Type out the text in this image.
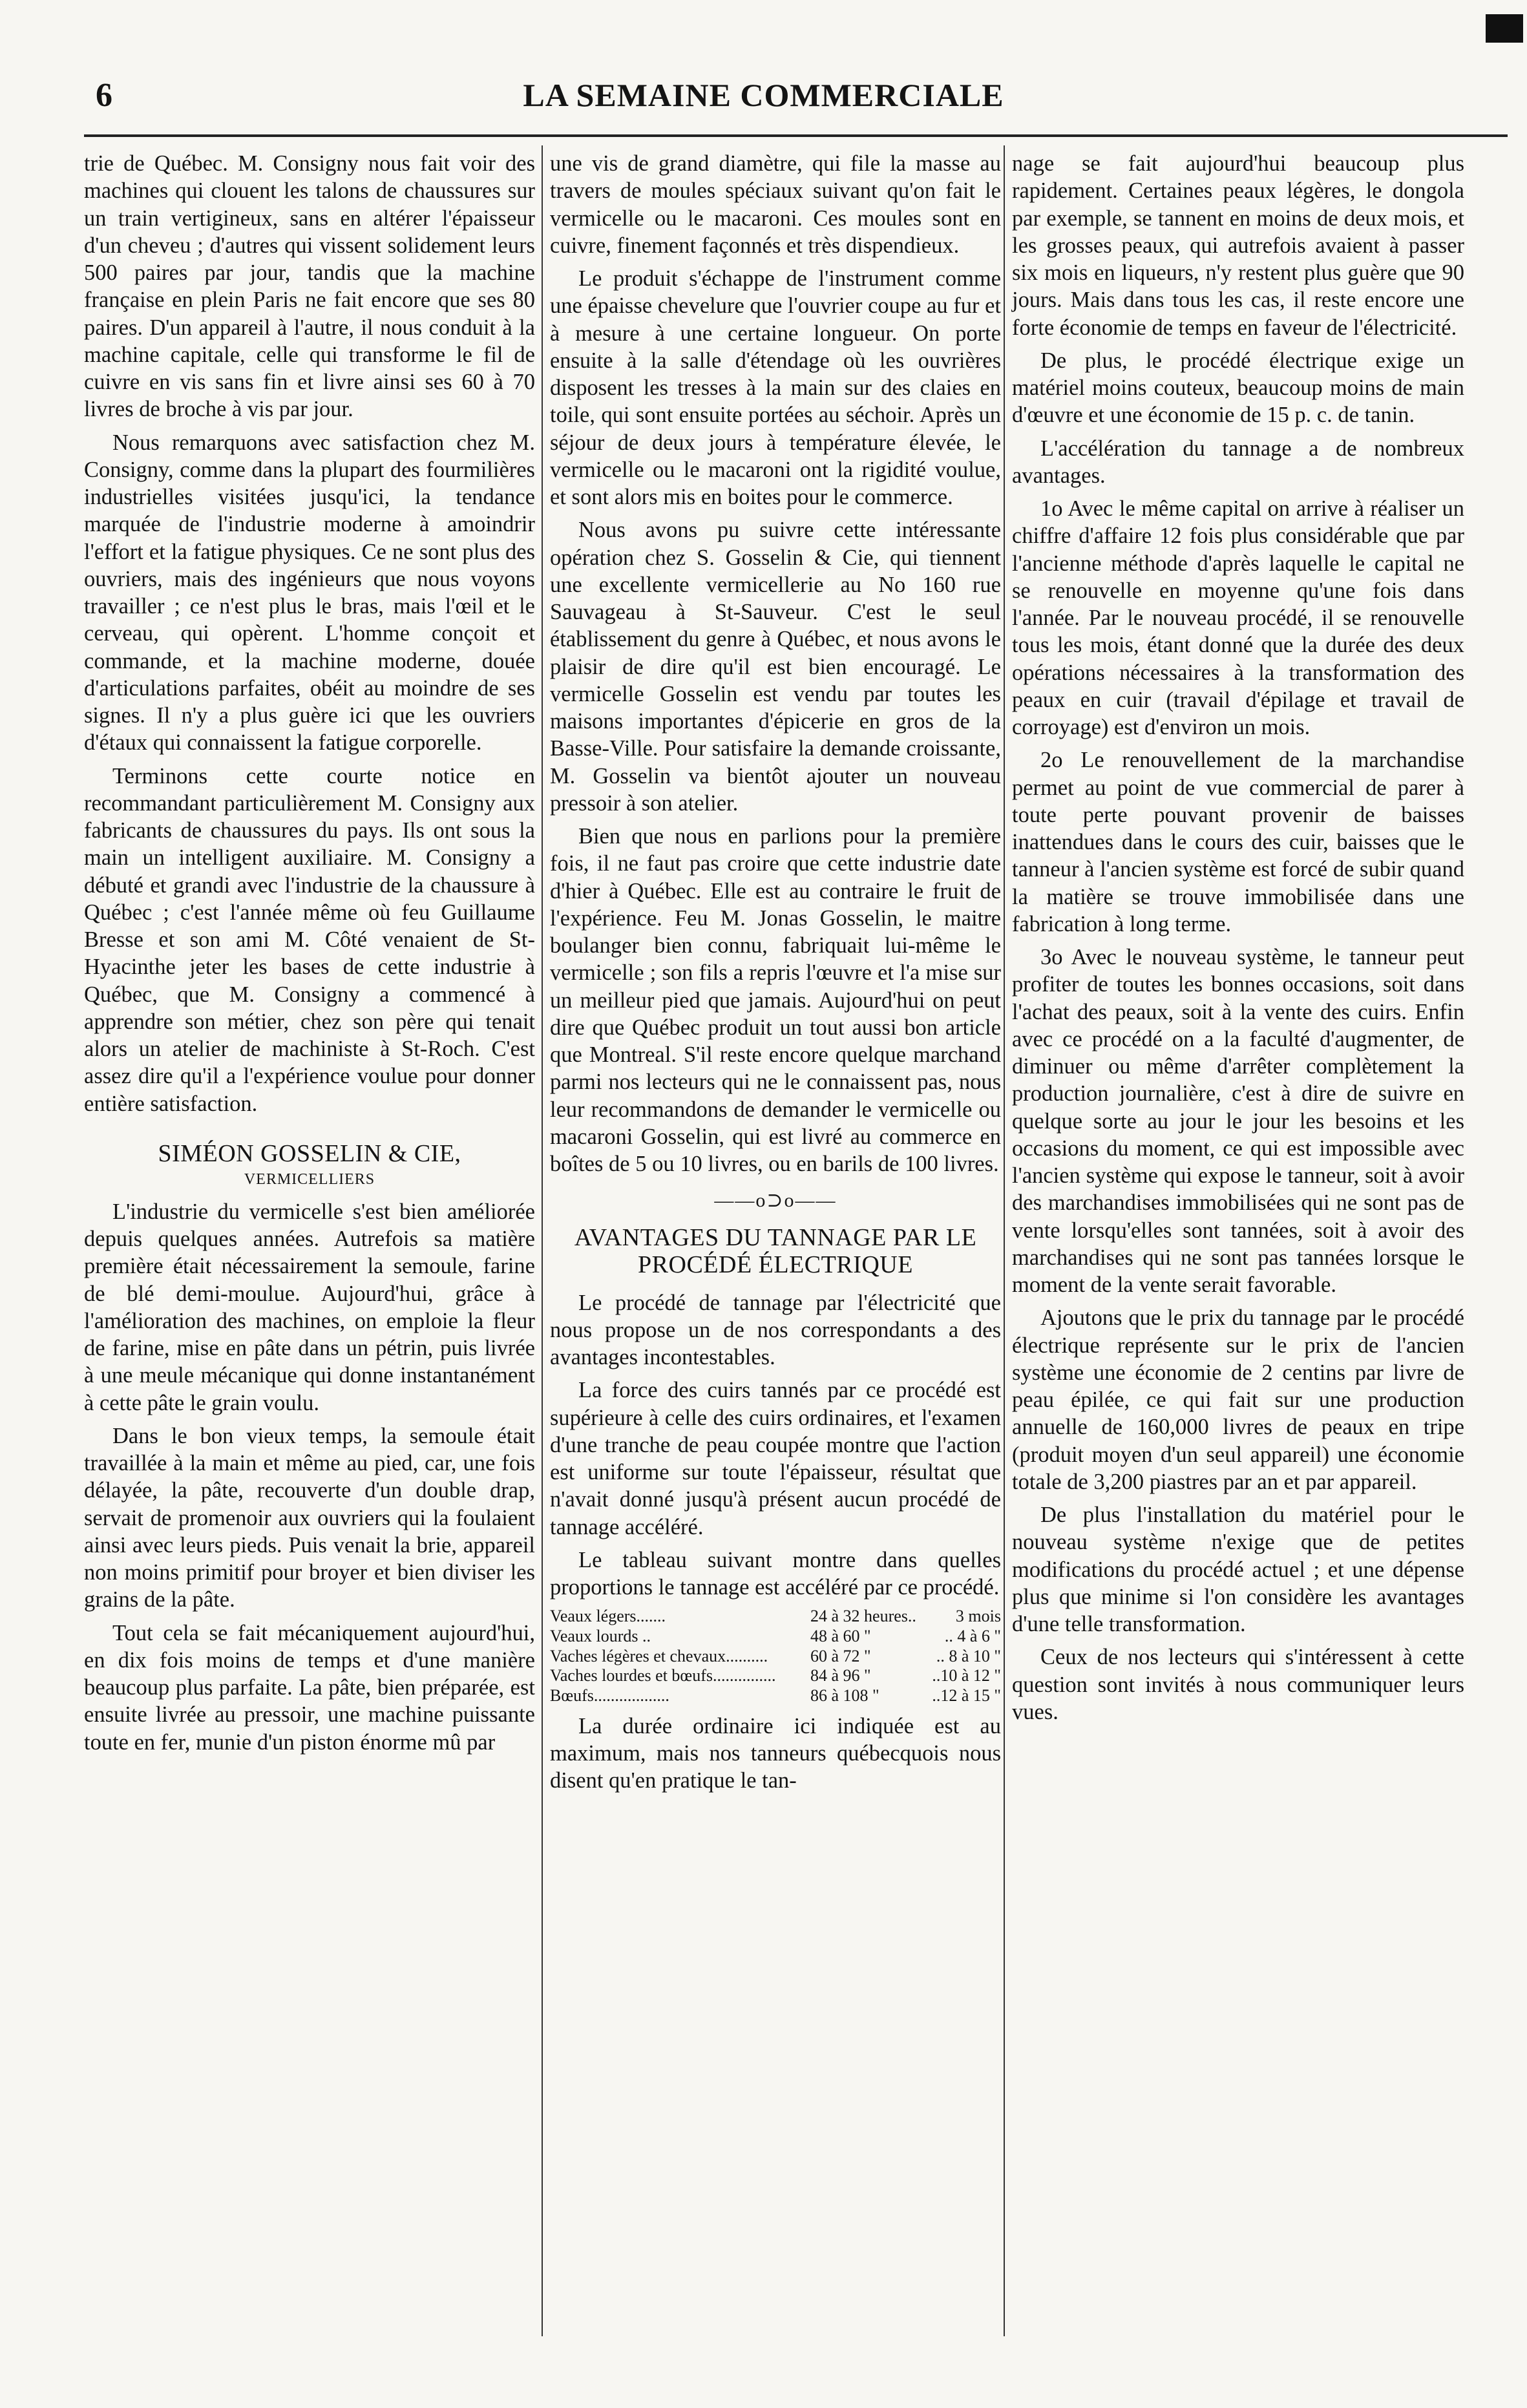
6	LA SEMAINE COMMERCIALE

trie de Québec. M. Consigny nous fait voir des machines qui clouent les talons de chaussures sur un train vertigineux, sans en altérer l'épaisseur d'un cheveu ; d'autres qui vissent solidement leurs 500 paires par jour, tandis que la machine française en plein Paris ne fait encore que ses 80 paires. D'un appareil à l'autre, il nous conduit à la machine capitale, celle qui transforme le fil de cuivre en vis sans fin et livre ainsi ses 60 à 70 livres de broche à vis par jour.

Nous remarquons avec satisfaction chez M. Consigny, comme dans la plupart des fourmilières industrielles visitées jusqu'ici, la tendance marquée de l'industrie moderne à amoindrir l'effort et la fatigue physiques. Ce ne sont plus des ouvriers, mais des ingénieurs que nous voyons travailler ; ce n'est plus le bras, mais l'œil et le cerveau, qui opèrent. L'homme conçoit et commande, et la machine moderne, douée d'articulations parfaites, obéit au moindre de ses signes. Il n'y a plus guère ici que les ouvriers d'étaux qui connaissent la fatigue corporelle.

Terminons cette courte notice en recommandant particulièrement M. Consigny aux fabricants de chaussures du pays. Ils ont sous la main un intelligent auxiliaire. M. Consigny a débuté et grandi avec l'industrie de la chaussure à Québec ; c'est l'année même où feu Guillaume Bresse et son ami M. Côté venaient de St-Hyacinthe jeter les bases de cette industrie à Québec, que M. Consigny a commencé à apprendre son métier, chez son père qui tenait alors un atelier de machiniste à St-Roch. C'est assez dire qu'il a l'expérience voulue pour donner entière satisfaction.

SIMÉON GOSSELIN & CIE,
VERMICELLIERS

L'industrie du vermicelle s'est bien améliorée depuis quelques années. Autrefois sa matière première était nécessairement la semoule, farine de blé demi-moulue. Aujourd'hui, grâce à l'amélioration des machines, on emploie la fleur de farine, mise en pâte dans un pétrin, puis livrée à une meule mécanique qui donne instantanément à cette pâte le grain voulu.

Dans le bon vieux temps, la semoule était travaillée à la main et même au pied, car, une fois délayée, la pâte, recouverte d'un double drap, servait de promenoir aux ouvriers qui la foulaient ainsi avec leurs pieds. Puis venait la brie, appareil non moins primitif pour broyer et bien diviser les grains de la pâte.

Tout cela se fait mécaniquement aujourd'hui, en dix fois moins de temps et d'une manière beaucoup plus parfaite. La pâte, bien préparée, est ensuite livrée au pressoir, une machine puissante toute en fer, munie d'un piston énorme mû par

une vis de grand diamètre, qui file la masse au travers de moules spéciaux suivant qu'on fait le vermicelle ou le macaroni. Ces moules sont en cuivre, finement façonnés et très dispendieux.

Le produit s'échappe de l'instrument comme une épaisse chevelure que l'ouvrier coupe au fur et à mesure à une certaine longueur. On porte ensuite à la salle d'étendage où les ouvrières disposent les tresses à la main sur des claies en toile, qui sont ensuite portées au séchoir. Après un séjour de deux jours à température élevée, le vermicelle ou le macaroni ont la rigidité voulue, et sont alors mis en boites pour le commerce.

Nous avons pu suivre cette intéressante opération chez S. Gosselin & Cie, qui tiennent une excellente vermicellerie au No 160 rue Sauvageau à St-Sauveur. C'est le seul établissement du genre à Québec, et nous avons le plaisir de dire qu'il est bien encouragé. Le vermicelle Gosselin est vendu par toutes les maisons importantes d'épicerie en gros de la Basse-Ville. Pour satisfaire la demande croissante, M. Gosselin va bientôt ajouter un nouveau pressoir à son atelier.

Bien que nous en parlions pour la première fois, il ne faut pas croire que cette industrie date d'hier à Québec. Elle est au contraire le fruit de l'expérience. Feu M. Jonas Gosselin, le maitre boulanger bien connu, fabriquait lui-même le vermicelle ; son fils a repris l'œuvre et l'a mise sur un meilleur pied que jamais. Aujourd'hui on peut dire que Québec produit un tout aussi bon article que Montreal. S'il reste encore quelque marchand parmi nos lecteurs qui ne le connaissent pas, nous leur recommandons de demander le vermicelle ou macaroni Gosselin, qui est livré au commerce en boîtes de 5 ou 10 livres, ou en barils de 100 livres.

——o⊃o——
AVANTAGES DU TANNAGE PAR LE PROCÉDÉ ÉLECTRIQUE

Le procédé de tannage par l'électricité que nous propose un de nos correspondants a des avantages incontestables.

La force des cuirs tannés par ce procédé est supérieure à celle des cuirs ordinaires, et l'examen d'une tranche de peau coupée montre que l'action est uniforme sur toute l'épaisseur, résultat que n'avait donné jusqu'à présent aucun procédé de tannage accéléré.

Le tableau suivant montre dans quelles proportions le tannage est accéléré par ce procédé.

Veaux légers.......	24 à 32 heures..	3 mois
Veaux lourds ..	48 à 60 "	.. 4 à 6 "
Vaches légères et chevaux..........	60 à 72 "	.. 8 à 10 "
Vaches lourdes et bœufs...............	84 à 96 "	..10 à 12 "
Bœufs..................	86 à 108 "	..12 à 15 "

La durée ordinaire ici indiquée est au maximum, mais nos tanneurs québecquois nous disent qu'en pratique le tan-

nage se fait aujourd'hui beaucoup plus rapidement. Certaines peaux légères, le dongola par exemple, se tannent en moins de deux mois, et les grosses peaux, qui autrefois avaient à passer six mois en liqueurs, n'y restent plus guère que 90 jours. Mais dans tous les cas, il reste encore une forte économie de temps en faveur de l'électricité.

De plus, le procédé électrique exige un matériel moins couteux, beaucoup moins de main d'œuvre et une économie de 15 p. c. de tanin.

L'accélération du tannage a de nombreux avantages.

1o Avec le même capital on arrive à réaliser un chiffre d'affaire 12 fois plus considérable que par l'ancienne méthode d'après laquelle le capital ne se renouvelle en moyenne qu'une fois dans l'année. Par le nouveau procédé, il se renouvelle tous les mois, étant donné que la durée des deux opérations nécessaires à la transformation des peaux en cuir (travail d'épilage et travail de corroyage) est d'environ un mois.

2o Le renouvellement de la marchandise permet au point de vue commercial de parer à toute perte pouvant provenir de baisses inattendues dans le cours des cuir, baisses que le tanneur à l'ancien système est forcé de subir quand la matière se trouve immobilisée dans une fabrication à long terme.

3o Avec le nouveau système, le tanneur peut profiter de toutes les bonnes occasions, soit dans l'achat des peaux, soit à la vente des cuirs. Enfin avec ce procédé on a la faculté d'augmenter, de diminuer ou même d'arrêter complètement la production journalière, c'est à dire de suivre en quelque sorte au jour le jour les besoins et les occasions du moment, ce qui est impossible avec l'ancien système qui expose le tanneur, soit à avoir des marchandises immobilisées qui ne sont pas de vente lorsqu'elles sont tannées, soit à avoir des marchandises qui ne sont pas tannées lorsque le moment de la vente serait favorable.

Ajoutons que le prix du tannage par le procédé électrique représente sur le prix de l'ancien système une économie de 2 centins par livre de peau épilée, ce qui fait sur une production annuelle de 160,000 livres de peaux en tripe (produit moyen d'un seul appareil) une économie totale de 3,200 piastres par an et par appareil.

De plus l'installation du matériel pour le nouveau système n'exige que de petites modifications du procédé actuel ; et une dépense plus que minime si l'on considère les avantages d'une telle transformation.

Ceux de nos lecteurs qui s'intéressent à cette question sont invités à nous communiquer leurs vues.
